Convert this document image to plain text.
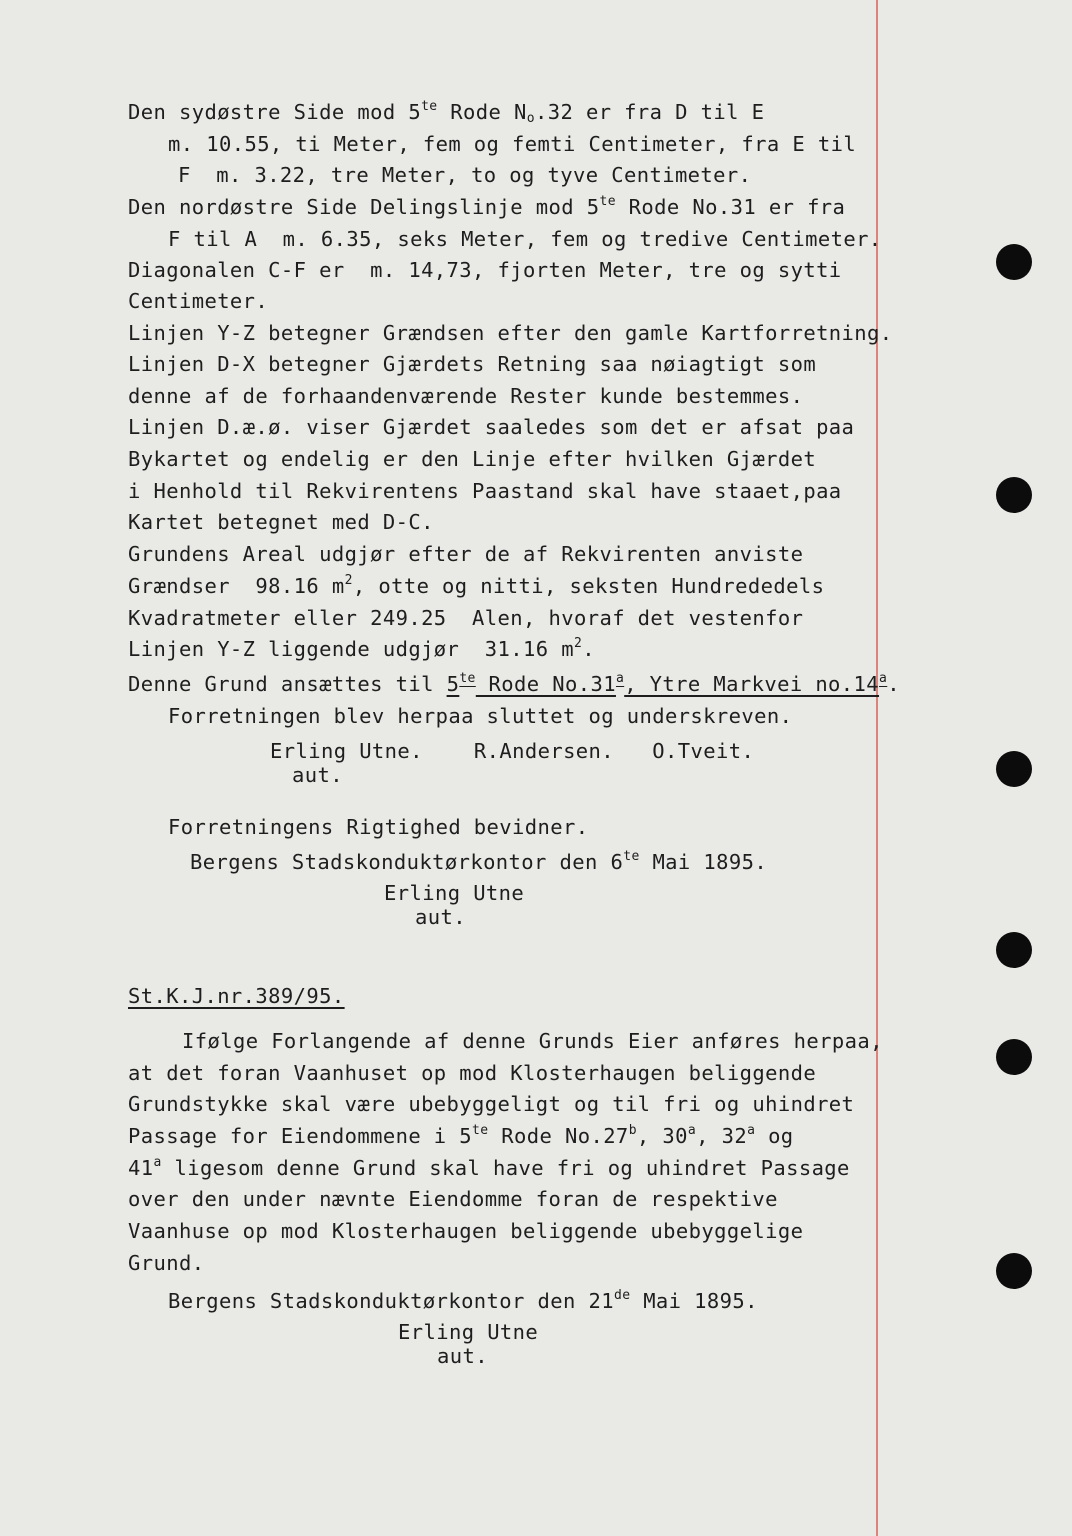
Den sydøstre Side mod $5^{te}$ Rode $N_o.32$ er fra D til E
m. 10.55, ti Meter, fem og femti Centimeter, fra E til
F  m. 3.22, tre Meter, to og tyve Centimeter.
Den nordøstre Side Delingslinje mod $5^{te}$ Rode No.31 er fra
F til A  m. 6.35, seks Meter, fem og tredive Centimeter.
Diagonalen C-F er  m. 14,73, fjorten Meter, tre og sytti
Centimeter.
Linjen Y-Z betegner Grændsen efter den gamle Kartforretning.
Linjen D-X betegner Gjærdets Retning saa nøiagtigt som
denne af de forhaandenværende Rester kunde bestemmes.
Linjen D.æ.ø. viser Gjærdet saaledes som det er afsat paa
Bykartet og endelig er den Linje efter hvilken Gjærdet
i Henhold til Rekvirentens Paastand skal have staaet,paa
Kartet betegnet med D-C.
Grundens Areal udgjør efter de af Rekvirenten anviste
Grændser  98.16 $m^2$, otte og nitti, seksten Hundrededels
Kvadratmeter eller 249.25  Alen, hvoraf det vestenfor
Linjen Y-Z liggende udgjør  31.16 $m^2$.
Denne Grund ansættes til $5^{te}$ Rode No.31$^a$, Ytre Markvei no.14$^a$.
Forretningen blev herpaa sluttet og underskreven.
Erling Utne.    R.Andersen.   O.Tveit.
aut.
Forretningens Rigtighed bevidner.
Bergens Stadskonduktørkontor den $6^{te}$ Mai 1895.
Erling Utne
aut.
St.K.J.nr.389/95.
Ifølge Forlangende af denne Grunds Eier anføres herpaa,
at det foran Vaanhuset op mod Klosterhaugen beliggende
Grundstykke skal være ubebyggeligt og til fri og uhindret
Passage for Eiendommene i $5^{te}$ Rode No.27$^b$, 30$^a$, 32$^a$ og
41$^a$ ligesom denne Grund skal have fri og uhindret Passage
over den under nævnte Eiendomme foran de respektive
Vaanhuse op mod Klosterhaugen beliggende ubebyggelige
Grund.
Bergens Stadskonduktørkontor den 21de Mai 1895.
Erling Utne
aut.
